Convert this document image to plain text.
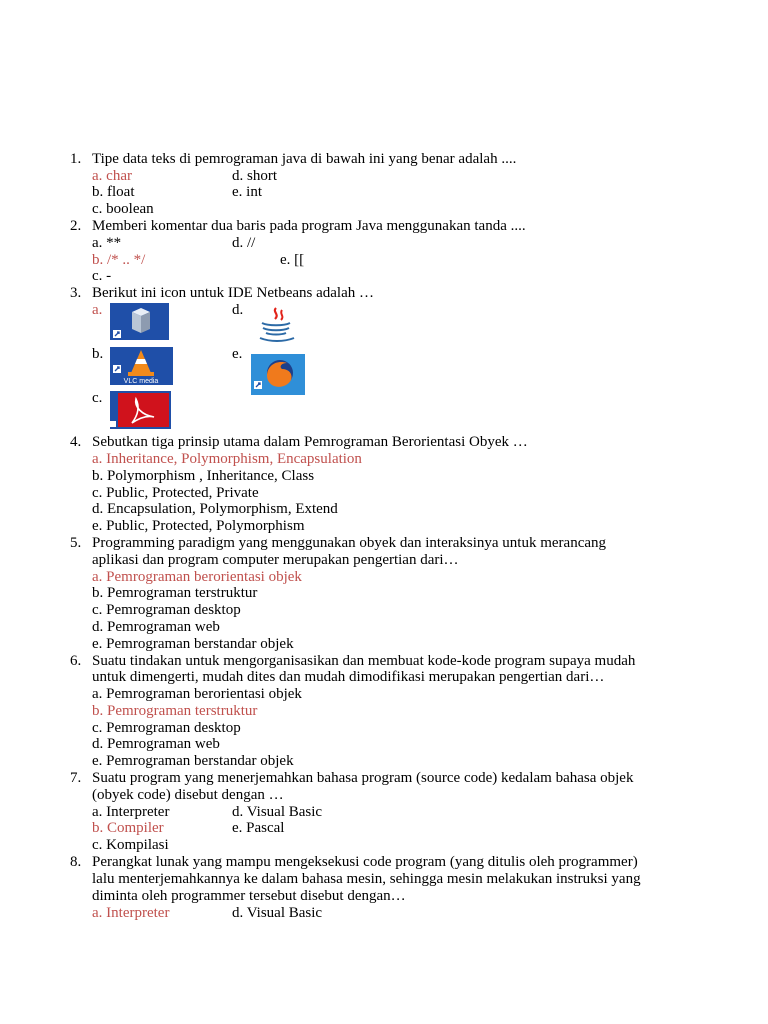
1. Tipe data teks di pemrograman java di bawah ini yang benar adalah ....
a. char	d. short
b. float	e. int
c. boolean
2. Memberi komentar dua baris pada program Java menggunakan tanda ....
a. **	d. //
b. /* .. */	e. [[
c. -
3. Berikut ini icon untuk IDE Netbeans adalah …
a.	d.
b.
VLC media
e.
c.
4. Sebutkan tiga prinsip utama dalam Pemrograman Berorientasi Obyek …
a. Inheritance, Polymorphism, Encapsulation
b. Polymorphism , Inheritance, Class
c. Public, Protected, Private
d. Encapsulation, Polymorphism, Extend
e. Public, Protected, Polymorphism
5. Programming paradigm yang menggunakan obyek dan interaksinya untuk merancang
aplikasi dan program computer merupakan pengertian dari…
a. Pemrograman berorientasi objek
b. Pemrograman terstruktur
c. Pemrograman desktop
d. Pemrograman web
e. Pemrograman berstandar objek
6. Suatu tindakan untuk mengorganisasikan dan membuat kode-kode program supaya mudah
untuk dimengerti, mudah dites dan mudah dimodifikasi merupakan pengertian dari…
a. Pemrograman berorientasi objek
b. Pemrograman terstruktur
c. Pemrograman desktop
d. Pemrograman web
e. Pemrograman berstandar objek
7. Suatu program yang menerjemahkan bahasa program (source code) kedalam bahasa objek
(obyek code) disebut dengan …
a. Interpreter	d. Visual Basic
b. Compiler	e. Pascal
c. Kompilasi
8. Perangkat lunak yang mampu mengeksekusi code program (yang ditulis oleh programmer)
lalu menterjemahkannya ke dalam bahasa mesin, sehingga mesin melakukan instruksi yang
diminta oleh programmer tersebut disebut dengan…
a. Interpreter	d. Visual Basic
